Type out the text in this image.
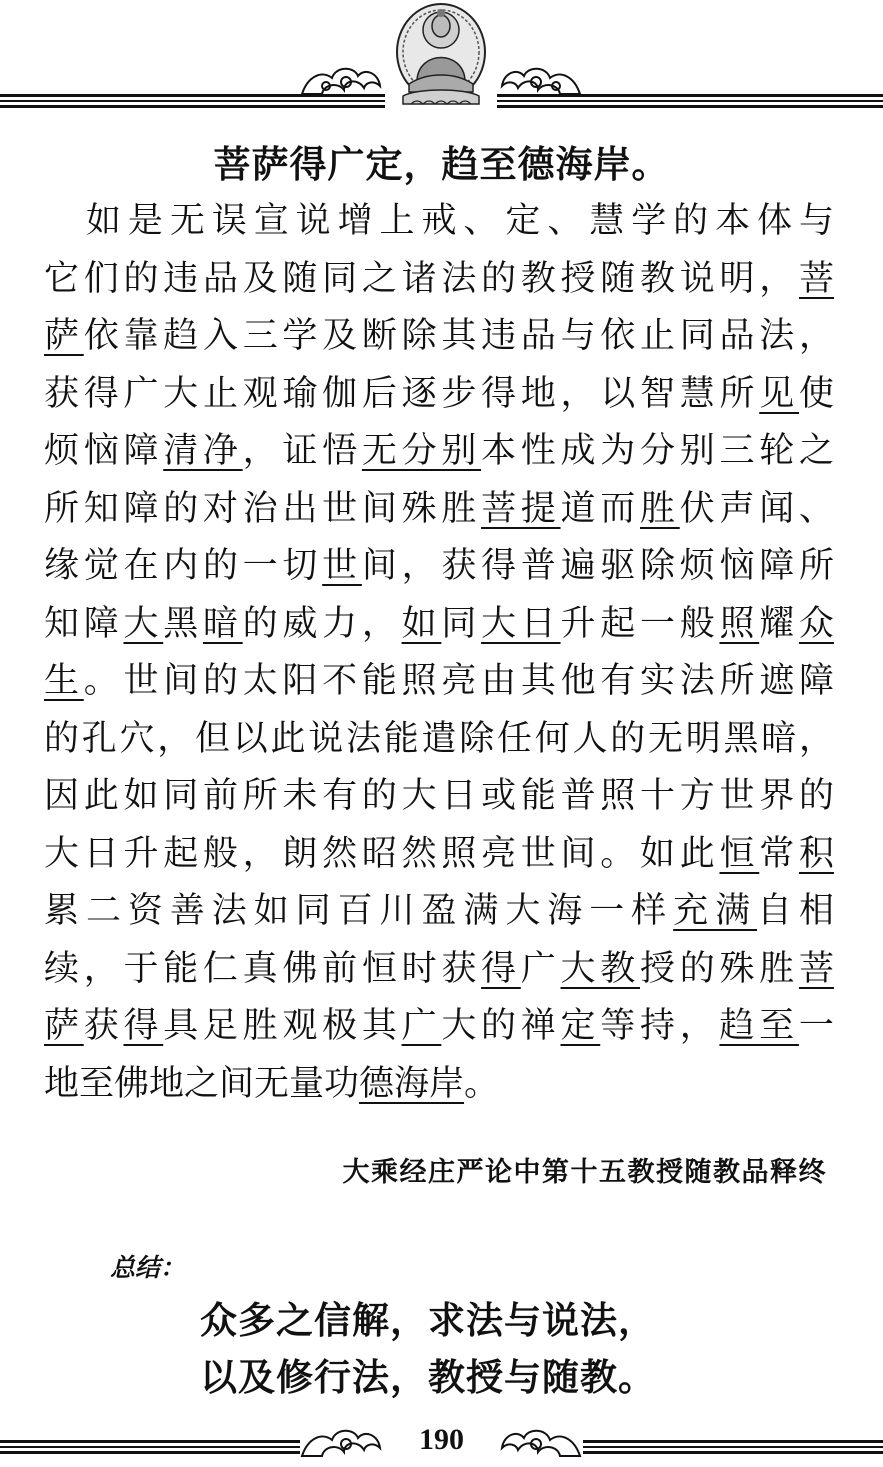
菩萨得广定，趋至德海岸。
　如是无误宣说增上戒、定、慧学的本体与
它们的违品及随同之诸法的教授随教说明，菩
萨依靠趋入三学及断除其违品与依止同品法，
获得广大止观瑜伽后逐步得地，以智慧所见使
烦恼障清净，证悟无分别本性成为分别三轮之
所知障的对治出世间殊胜菩提道而胜伏声闻、
缘觉在内的一切世间，获得普遍驱除烦恼障所
知障大黑暗的威力，如同大日升起一般照耀众
生。世间的太阳不能照亮由其他有实法所遮障
的孔穴，但以此说法能遣除任何人的无明黑暗，
因此如同前所未有的大日或能普照十方世界的
大日升起般，朗然昭然照亮世间。如此恒常积
累二资善法如同百川盈满大海一样充满自相
续，于能仁真佛前恒时获得广大教授的殊胜菩
萨获得具足胜观极其广大的禅定等持，趋至一
地至佛地之间无量功德海岸。
大乘经庄严论中第十五教授随教品释终
总结：
众多之信解，求法与说法，
以及修行法，教授与随教。
190
